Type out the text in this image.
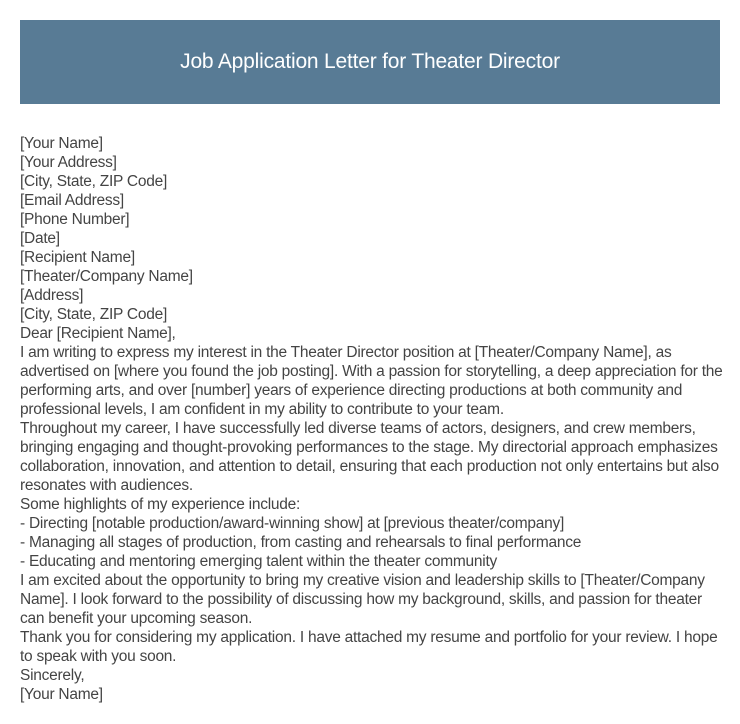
Job Application Letter for Theater Director
[Your Name]
[Your Address]
[City, State, ZIP Code]
[Email Address]
[Phone Number]
[Date]
[Recipient Name]
[Theater/Company Name]
[Address]
[City, State, ZIP Code]
Dear [Recipient Name],
I am writing to express my interest in the Theater Director position at [Theater/Company Name], as advertised on [where you found the job posting]. With a passion for storytelling, a deep appreciation for the performing arts, and over [number] years of experience directing productions at both community and professional levels, I am confident in my ability to contribute to your team.
Throughout my career, I have successfully led diverse teams of actors, designers, and crew members, bringing engaging and thought-provoking performances to the stage. My directorial approach emphasizes collaboration, innovation, and attention to detail, ensuring that each production not only entertains but also resonates with audiences.
Some highlights of my experience include:
- Directing [notable production/award-winning show] at [previous theater/company]
- Managing all stages of production, from casting and rehearsals to final performance
- Educating and mentoring emerging talent within the theater community
I am excited about the opportunity to bring my creative vision and leadership skills to [Theater/Company Name]. I look forward to the possibility of discussing how my background, skills, and passion for theater can benefit your upcoming season.
Thank you for considering my application. I have attached my resume and portfolio for your review. I hope to speak with you soon.
Sincerely,
[Your Name]
